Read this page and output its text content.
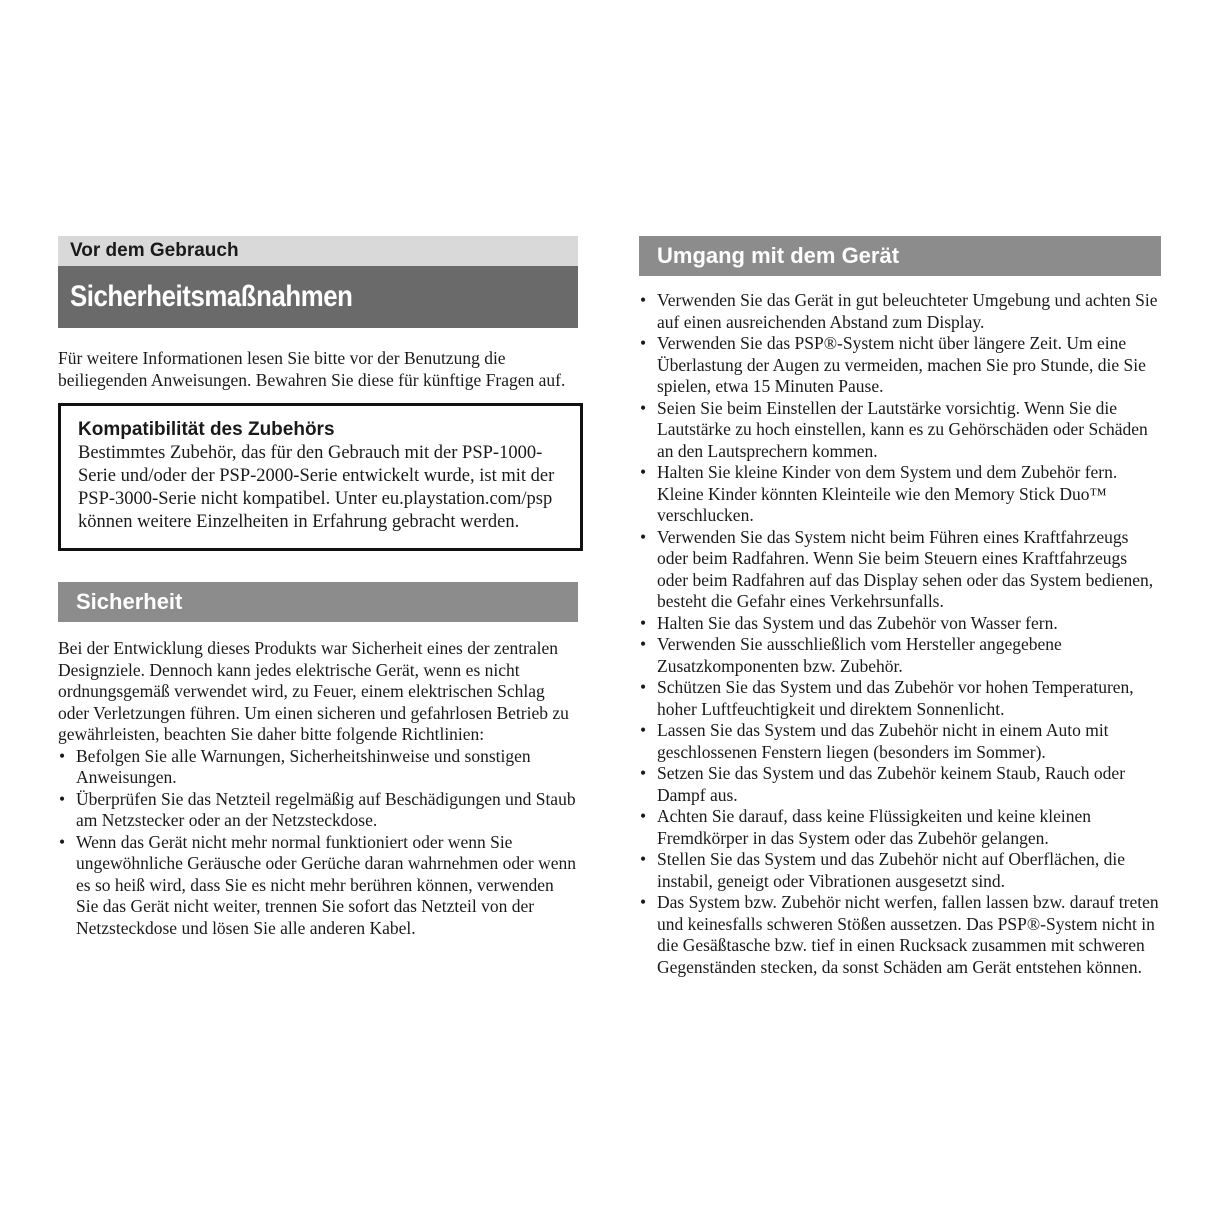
Vor dem Gebrauch
Sicherheitsmaßnahmen

Für weitere Informationen lesen Sie bitte vor der Benutzung die beiliegenden Anweisungen. Bewahren Sie diese für künftige Fragen auf.

Kompatibilität des Zubehörs

Bestimmtes Zubehör, das für den Gebrauch mit der PSP-1000-Serie und/oder der PSP-2000-Serie entwickelt wurde, ist mit der PSP-3000-Serie nicht kompatibel. Unter eu.playstation.com/psp können weitere Einzelheiten in Erfahrung gebracht werden.

Sicherheit

Bei der Entwicklung dieses Produkts war Sicherheit eines der zentralen Designziele. Dennoch kann jedes elektrische Gerät, wenn es nicht ordnungsgemäß verwendet wird, zu Feuer, einem elektrischen Schlag oder Verletzungen führen. Um einen sicheren und gefahrlosen Betrieb zu gewährleisten, beachten Sie daher bitte folgende Richtlinien:

• Befolgen Sie alle Warnungen, Sicherheitshinweise und sonstigen Anweisungen.
• Überprüfen Sie das Netzteil regelmäßig auf Beschädigungen und Staub am Netzstecker oder an der Netzsteckdose.
• Wenn das Gerät nicht mehr normal funktioniert oder wenn Sie ungewöhnliche Geräusche oder Gerüche daran wahrnehmen oder wenn es so heiß wird, dass Sie es nicht mehr berühren können, verwenden Sie das Gerät nicht weiter, trennen Sie sofort das Netzteil von der Netzsteckdose und lösen Sie alle anderen Kabel.
Umgang mit dem Gerät
• Verwenden Sie das Gerät in gut beleuchteter Umgebung und achten Sie auf einen ausreichenden Abstand zum Display.
• Verwenden Sie das PSP®-System nicht über längere Zeit. Um eine Überlastung der Augen zu vermeiden, machen Sie pro Stunde, die Sie spielen, etwa 15 Minuten Pause.
• Seien Sie beim Einstellen der Lautstärke vorsichtig. Wenn Sie die Lautstärke zu hoch einstellen, kann es zu Gehörschäden oder Schäden an den Lautsprechern kommen.
• Halten Sie kleine Kinder von dem System und dem Zubehör fern. Kleine Kinder könnten Kleinteile wie den Memory Stick Duo™ verschlucken.
• Verwenden Sie das System nicht beim Führen eines Kraftfahrzeugs oder beim Radfahren. Wenn Sie beim Steuern eines Kraftfahrzeugs oder beim Radfahren auf das Display sehen oder das System bedienen, besteht die Gefahr eines Verkehrsunfalls.
• Halten Sie das System und das Zubehör von Wasser fern.
• Verwenden Sie ausschließlich vom Hersteller angegebene Zusatzkomponenten bzw. Zubehör.
• Schützen Sie das System und das Zubehör vor hohen Temperaturen, hoher Luftfeuchtigkeit und direktem Sonnenlicht.
• Lassen Sie das System und das Zubehör nicht in einem Auto mit geschlossenen Fenstern liegen (besonders im Sommer).
• Setzen Sie das System und das Zubehör keinem Staub, Rauch oder Dampf aus.
• Achten Sie darauf, dass keine Flüssigkeiten und keine kleinen Fremdkörper in das System oder das Zubehör gelangen.
• Stellen Sie das System und das Zubehör nicht auf Oberflächen, die instabil, geneigt oder Vibrationen ausgesetzt sind.
• Das System bzw. Zubehör nicht werfen, fallen lassen bzw. darauf treten und keinesfalls schweren Stößen aussetzen. Das PSP®-System nicht in die Gesäßtasche bzw. tief in einen Rucksack zusammen mit schweren Gegenständen stecken, da sonst Schäden am Gerät entstehen können.
